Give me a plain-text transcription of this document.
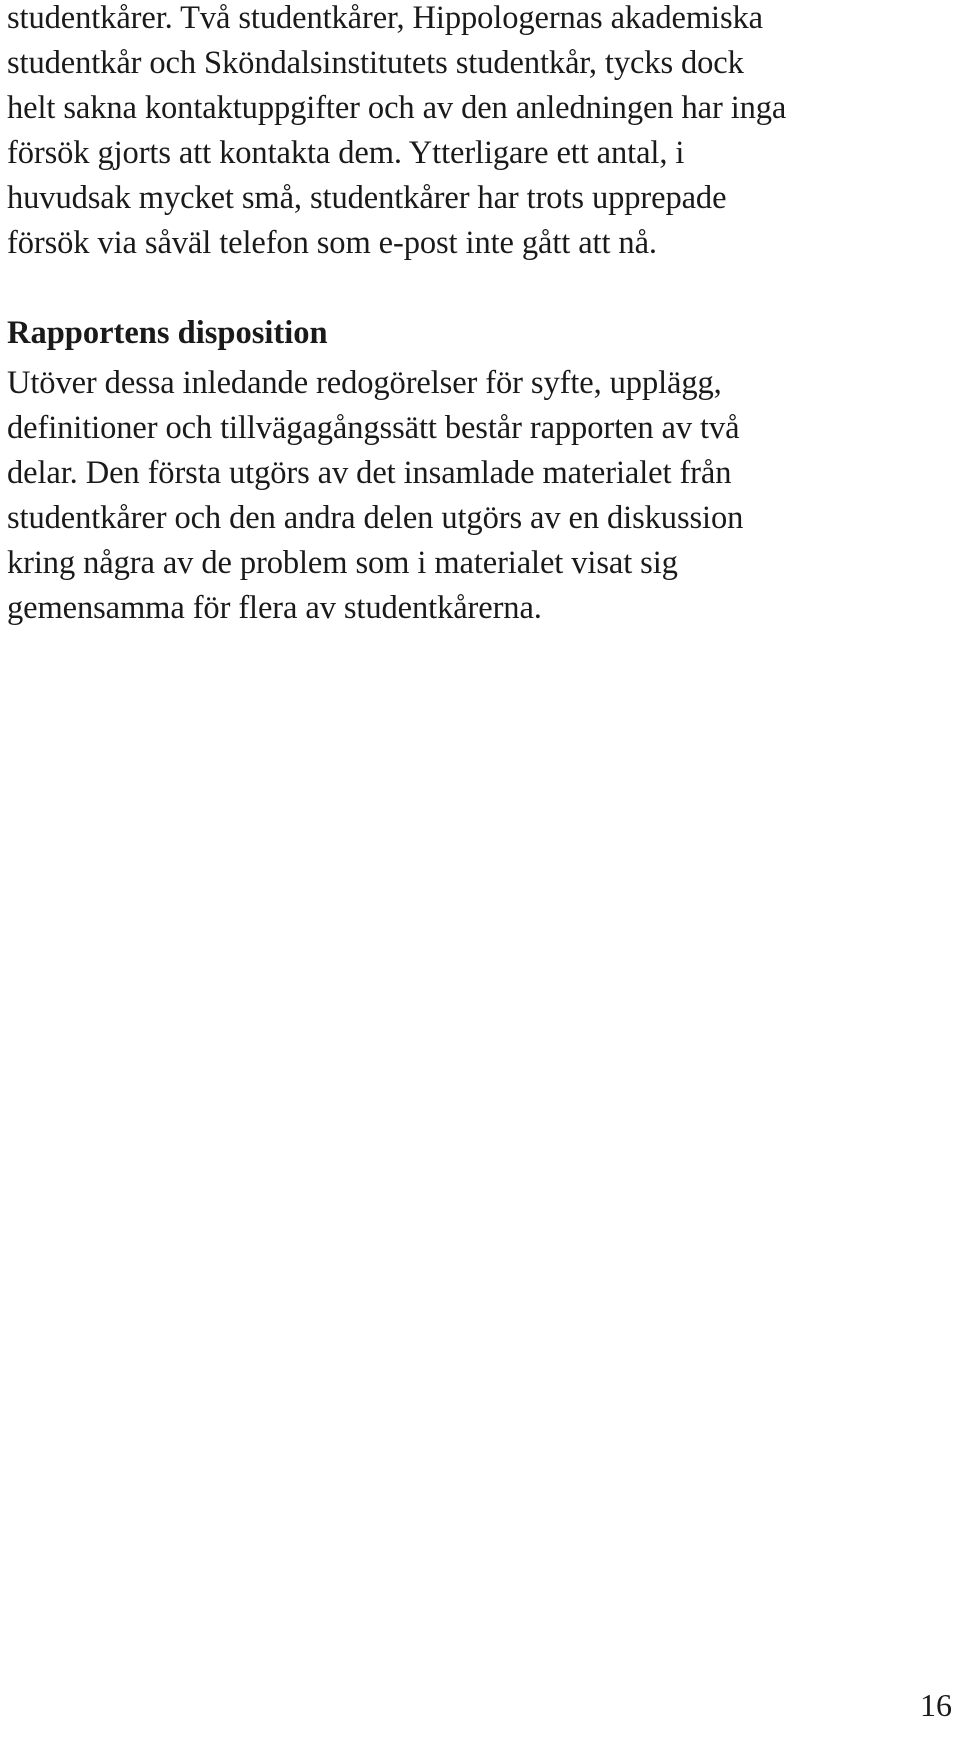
studentkårer. Två studentkårer, Hippologernas akademiska
studentkår och Sköndalsinstitutets studentkår, tycks dock
helt sakna kontaktuppgifter och av den anledningen har inga
försök gjorts att kontakta dem. Ytterligare ett antal, i
huvudsak mycket små, studentkårer har trots upprepade
försök via såväl telefon som e-post inte gått att nå.
Rapportens disposition
Utöver dessa inledande redogörelser för syfte, upplägg,
definitioner och tillvägagångssätt består rapporten av två
delar. Den första utgörs av det insamlade materialet från
studentkårer och den andra delen utgörs av en diskussion
kring några av de problem som i materialet visat sig
gemensamma för flera av studentkårerna.
16
